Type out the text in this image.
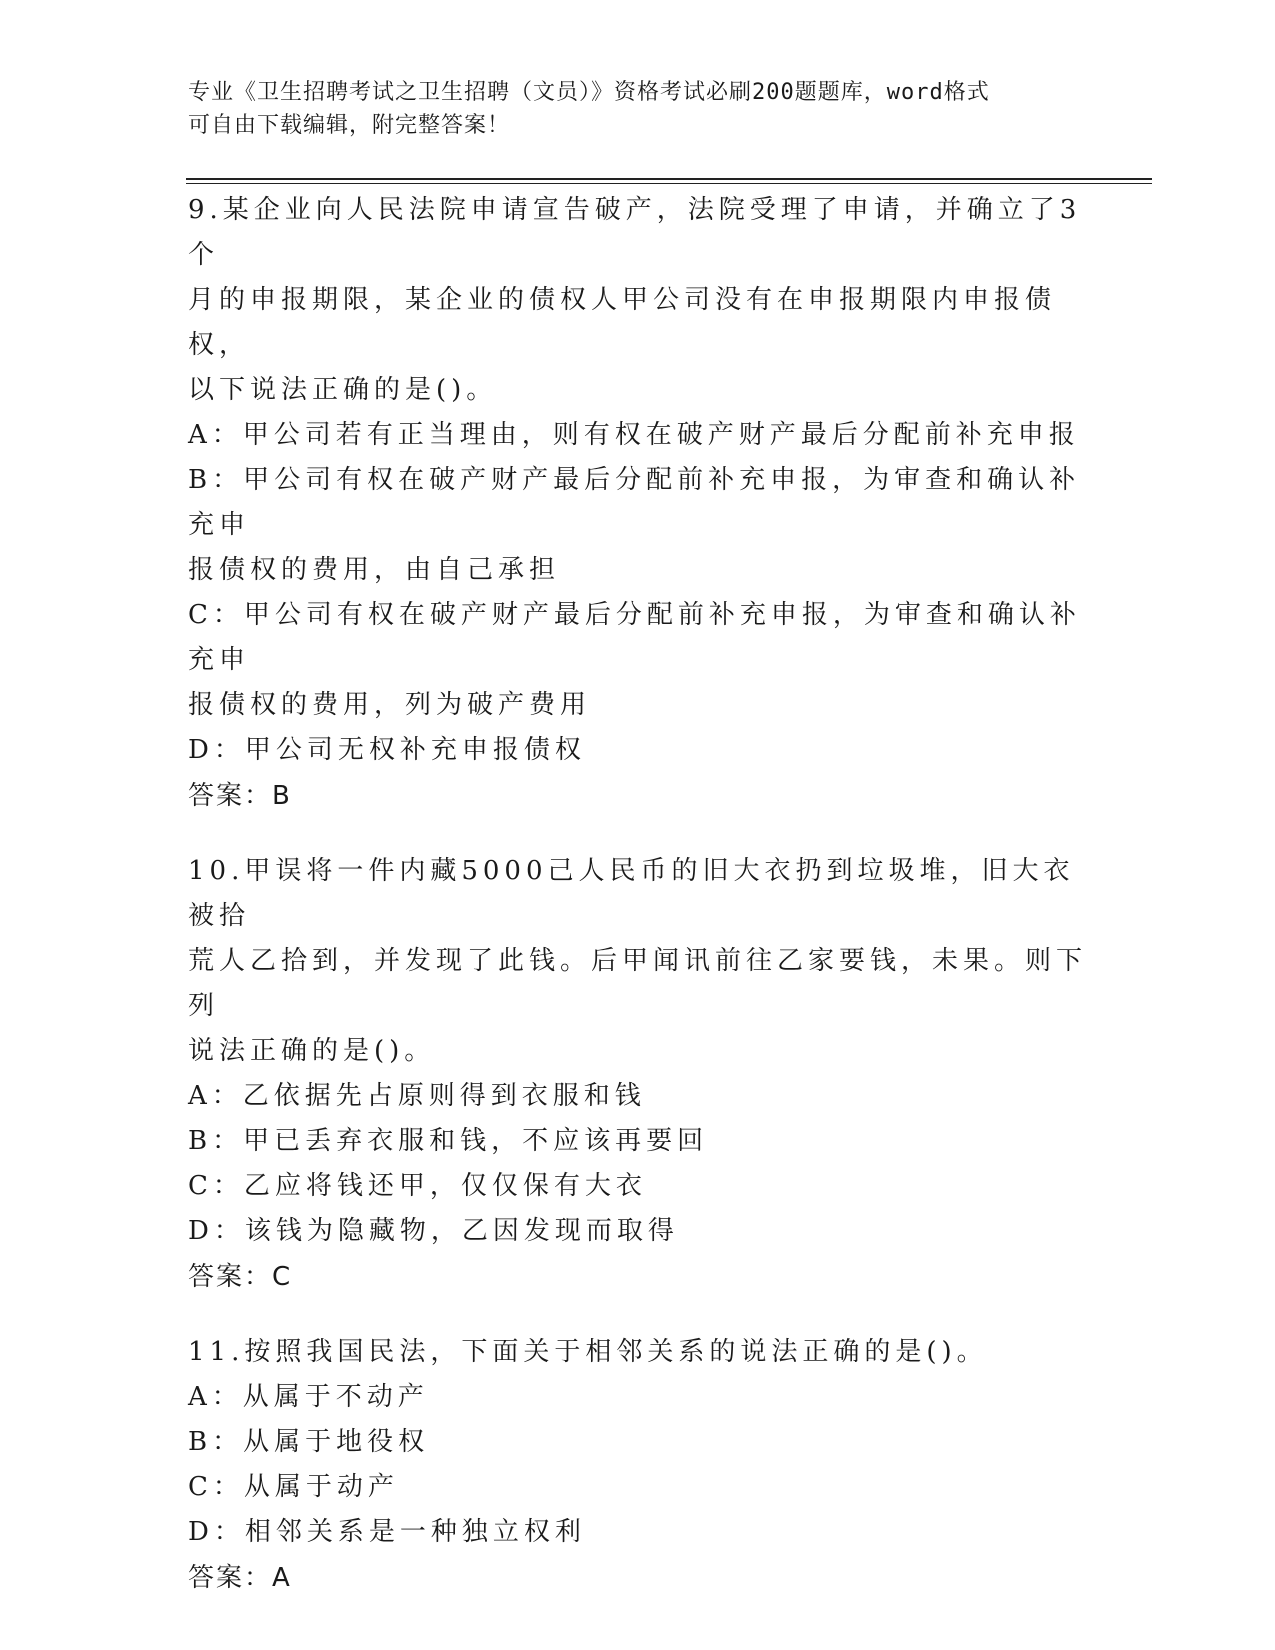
专业《卫生招聘考试之卫生招聘（文员）》资格考试必刷200题题库，word格式
可自由下载编辑，附完整答案！

9.某企业向人民法院申请宣告破产，法院受理了申请，并确立了3个

月的申报期限，某企业的债权人甲公司没有在申报期限内申报债权，

以下说法正确的是()。

A：甲公司若有正当理由，则有权在破产财产最后分配前补充申报

B：甲公司有权在破产财产最后分配前补充申报，为审查和确认补充申

报债权的费用，由自己承担

C：甲公司有权在破产财产最后分配前补充申报，为审查和确认补充申

报债权的费用，列为破产费用

D：甲公司无权补充申报债权

答案：B

10.甲误将一件内藏5000己人民币的旧大衣扔到垃圾堆，旧大衣被拾

荒人乙拾到，并发现了此钱。后甲闻讯前往乙家要钱，未果。则下列

说法正确的是()。

A：乙依据先占原则得到衣服和钱

B：甲已丢弃衣服和钱，不应该再要回

C：乙应将钱还甲，仅仅保有大衣

D：该钱为隐藏物，乙因发现而取得

答案：C

11.按照我国民法，下面关于相邻关系的说法正确的是()。

A：从属于不动产

B：从属于地役权

C：从属于动产

D：相邻关系是一种独立权利

答案：A
